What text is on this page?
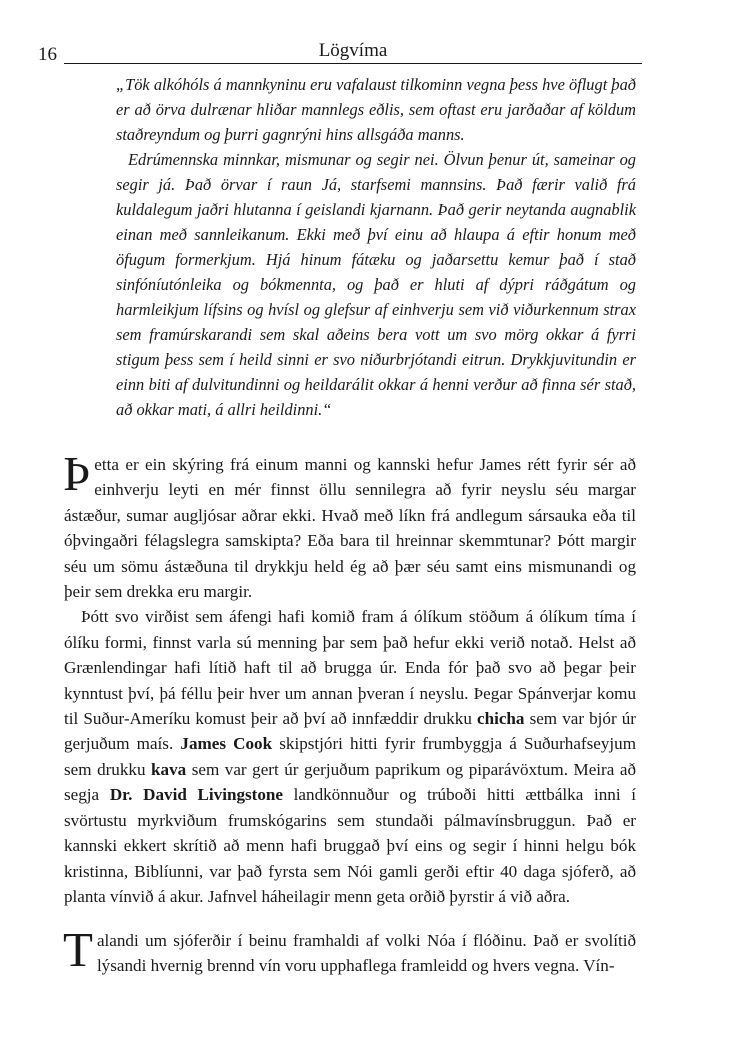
16	Lögvíma

„Tök alkóhóls á mannkyninu eru vafalaust tilkominn vegna þess hve öflugt það er að örva dulrænar hliðar mannlegs eðlis, sem oftast eru jarðaðar af köldum staðreyndum og þurri gagnrýni hins allsgáða manns.

Edrúmennska minnkar, mismunar og segir nei. Ölvun þenur út, sameinar og segir já. Það örvar í raun Já, starfsemi mannsins. Það færir valið frá kuldalegum jaðri hlutanna í geislandi kjarnann. Það gerir neytanda augnablik einan með sannleikanum. Ekki með því einu að hlaupa á eftir honum með öfugum formerkjum. Hjá hinum fátæku og jaðarsettu kemur það í stað sinfóníutónleika og bókmennta, og það er hluti af dýpri ráðgátum og harmleikjum lífsins og hvísl og glefsur af einhverju sem við viðurkennum strax sem framúrskarandi sem skal aðeins bera vott um svo mörg okkar á fyrri stigum þess sem í heild sinni er svo niðurbrjótandi eitrun. Drykkjuvitundin er einn biti af dulvitundinni og heildarálit okkar á henni verður að finna sér stað, að okkar mati, á allri heildinni.“

Þetta er ein skýring frá einum manni og kannski hefur James rétt fyrir sér að einhverju leyti en mér finnst öllu sennilegra að fyrir neyslu séu margar ástæður, sumar augljósar aðrar ekki. Hvað með líkn frá andlegum sársauka eða til óþvingaðri félagslegra samskipta? Eða bara til hreinnar skemmtunar? Þótt margir séu um sömu ástæðuna til drykkju held ég að þær séu samt eins mismunandi og þeir sem drekka eru margir.

Þótt svo virðist sem áfengi hafi komið fram á ólíkum stöðum á ólíkum tíma í ólíku formi, finnst varla sú menning þar sem það hefur ekki verið notað. Helst að Grænlendingar hafi lítið haft til að brugga úr. Enda fór það svo að þegar þeir kynntust því, þá féllu þeir hver um annan þveran í neyslu. Þegar Spánverjar komu til Suður-Ameríku komust þeir að því að innfæddir drukku chicha sem var bjór úr gerjuðum maís. James Cook skipstjóri hitti fyrir frumbyggja á Suðurhafseyjum sem drukku kava sem var gert úr gerjuðum paprikum og piparávöxtum. Meira að segja Dr. David Livingstone landkönnuður og trúboði hitti ættbálka inni í svörtustu myrkviðum frumskógarins sem stundaði pálmavínsbruggun. Það er kannski ekkert skrítið að menn hafi bruggað því eins og segir í hinni helgu bók kristinna, Biblíunni, var það fyrsta sem Nói gamli gerði eftir 40 daga sjóferð, að planta vínvið á akur. Jafnvel háheilagir menn geta orðið þyrstir á við aðra.

Talandi um sjóferðir í beinu framhaldi af volki Nóa í flóðinu. Það er svolítið lýsandi hvernig brennd vín voru upphaflega framleidd og hvers vegna. Vín-
